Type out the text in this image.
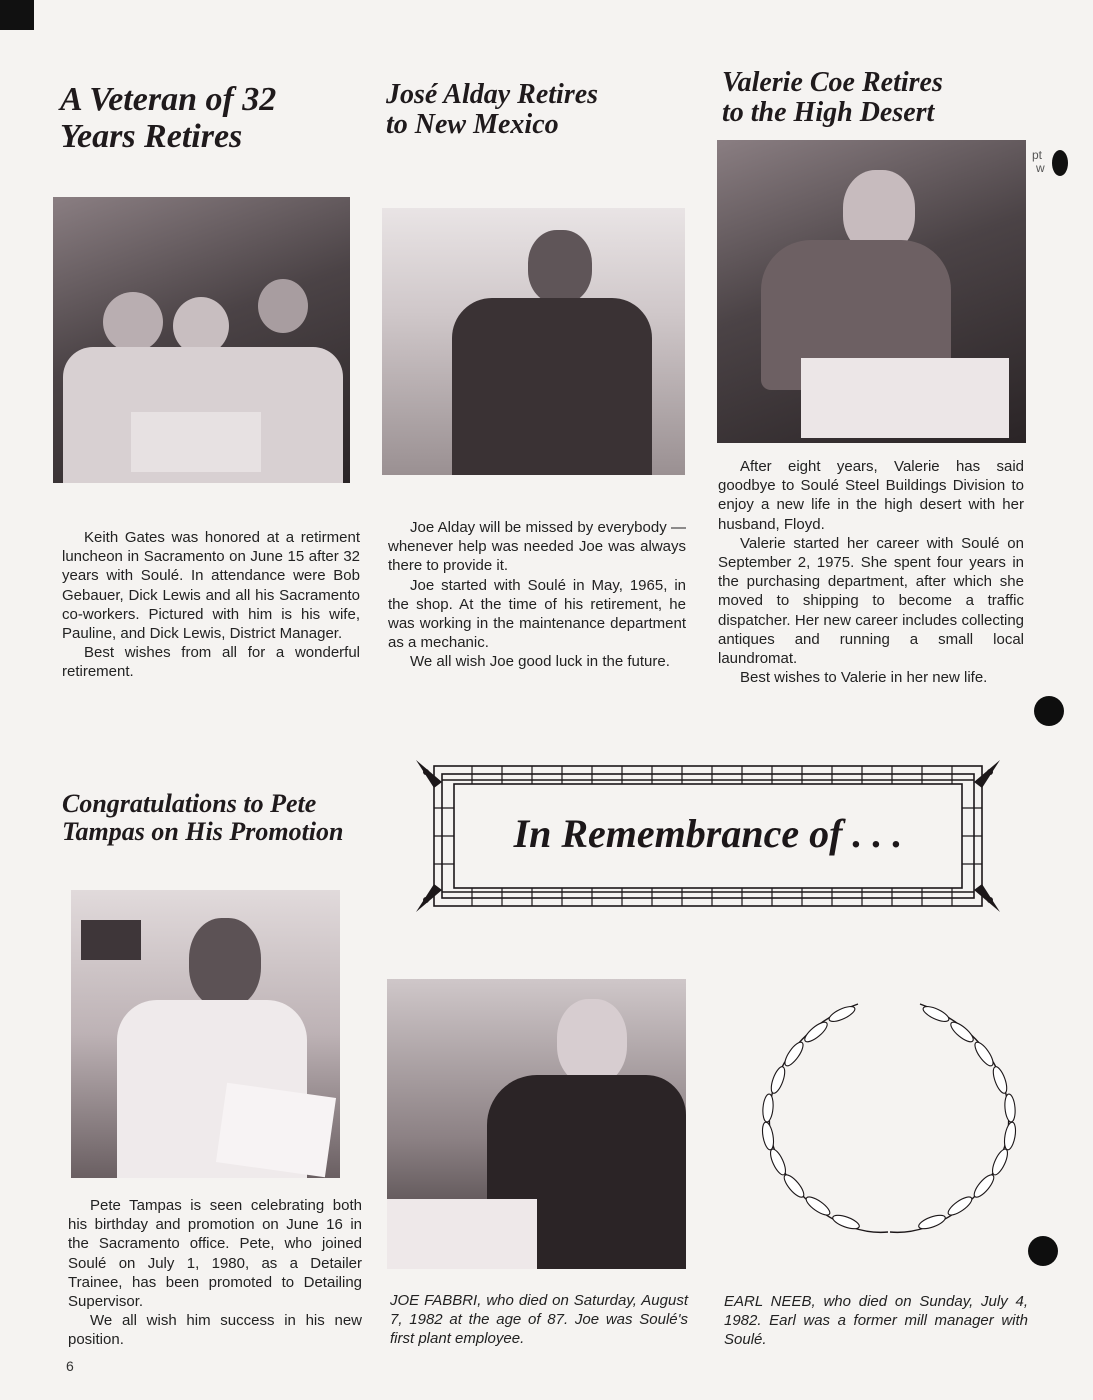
A Veteran of 32
Years Retires

Keith Gates was honored at a retirment luncheon in Sacramento on June 15 after 32 years with Soulé. In attendance were Bob Gebauer, Dick Lewis and all his Sacramento co-workers. Pictured with him is his wife, Pauline, and Dick Lewis, District Manager.

Best wishes from all for a wonderful retirement.

José Alday Retires
to New Mexico

Joe Alday will be missed by everybody — whenever help was needed Joe was always there to provide it.

Joe started with Soulé in May, 1965, in the shop. At the time of his retirement, he was working in the maintenance department as a mechanic.

We all wish Joe good luck in the future.

Valerie Coe Retires
to the High Desert

After eight years, Valerie has said goodbye to Soulé Steel Buildings Division to enjoy a new life in the high desert with her husband, Floyd.

Valerie started her career with Soulé on September 2, 1975. She spent four years in the purchasing department, after which she moved to shipping to become a traffic dispatcher. Her new career includes collecting antiques and running a small local laundromat.

Best wishes to Valerie in her new life.

Congratulations to Pete
Tampas on His Promotion

Pete Tampas is seen celebrating both his birthday and promotion on June 16 in the Sacramento office. Pete, who joined Soulé on July 1, 1980, as a Detailer Trainee, has been promoted to Detailing Supervisor.

We all wish him success in his new position.

In Remembrance of . . .
JOE FABBRI, who died on Saturday, August 7, 1982 at the age of 87. Joe was Soulé's first plant employee.
EARL NEEB, who died on Sunday, July 4, 1982. Earl was a former mill manager with Soulé.
pt
w
6
